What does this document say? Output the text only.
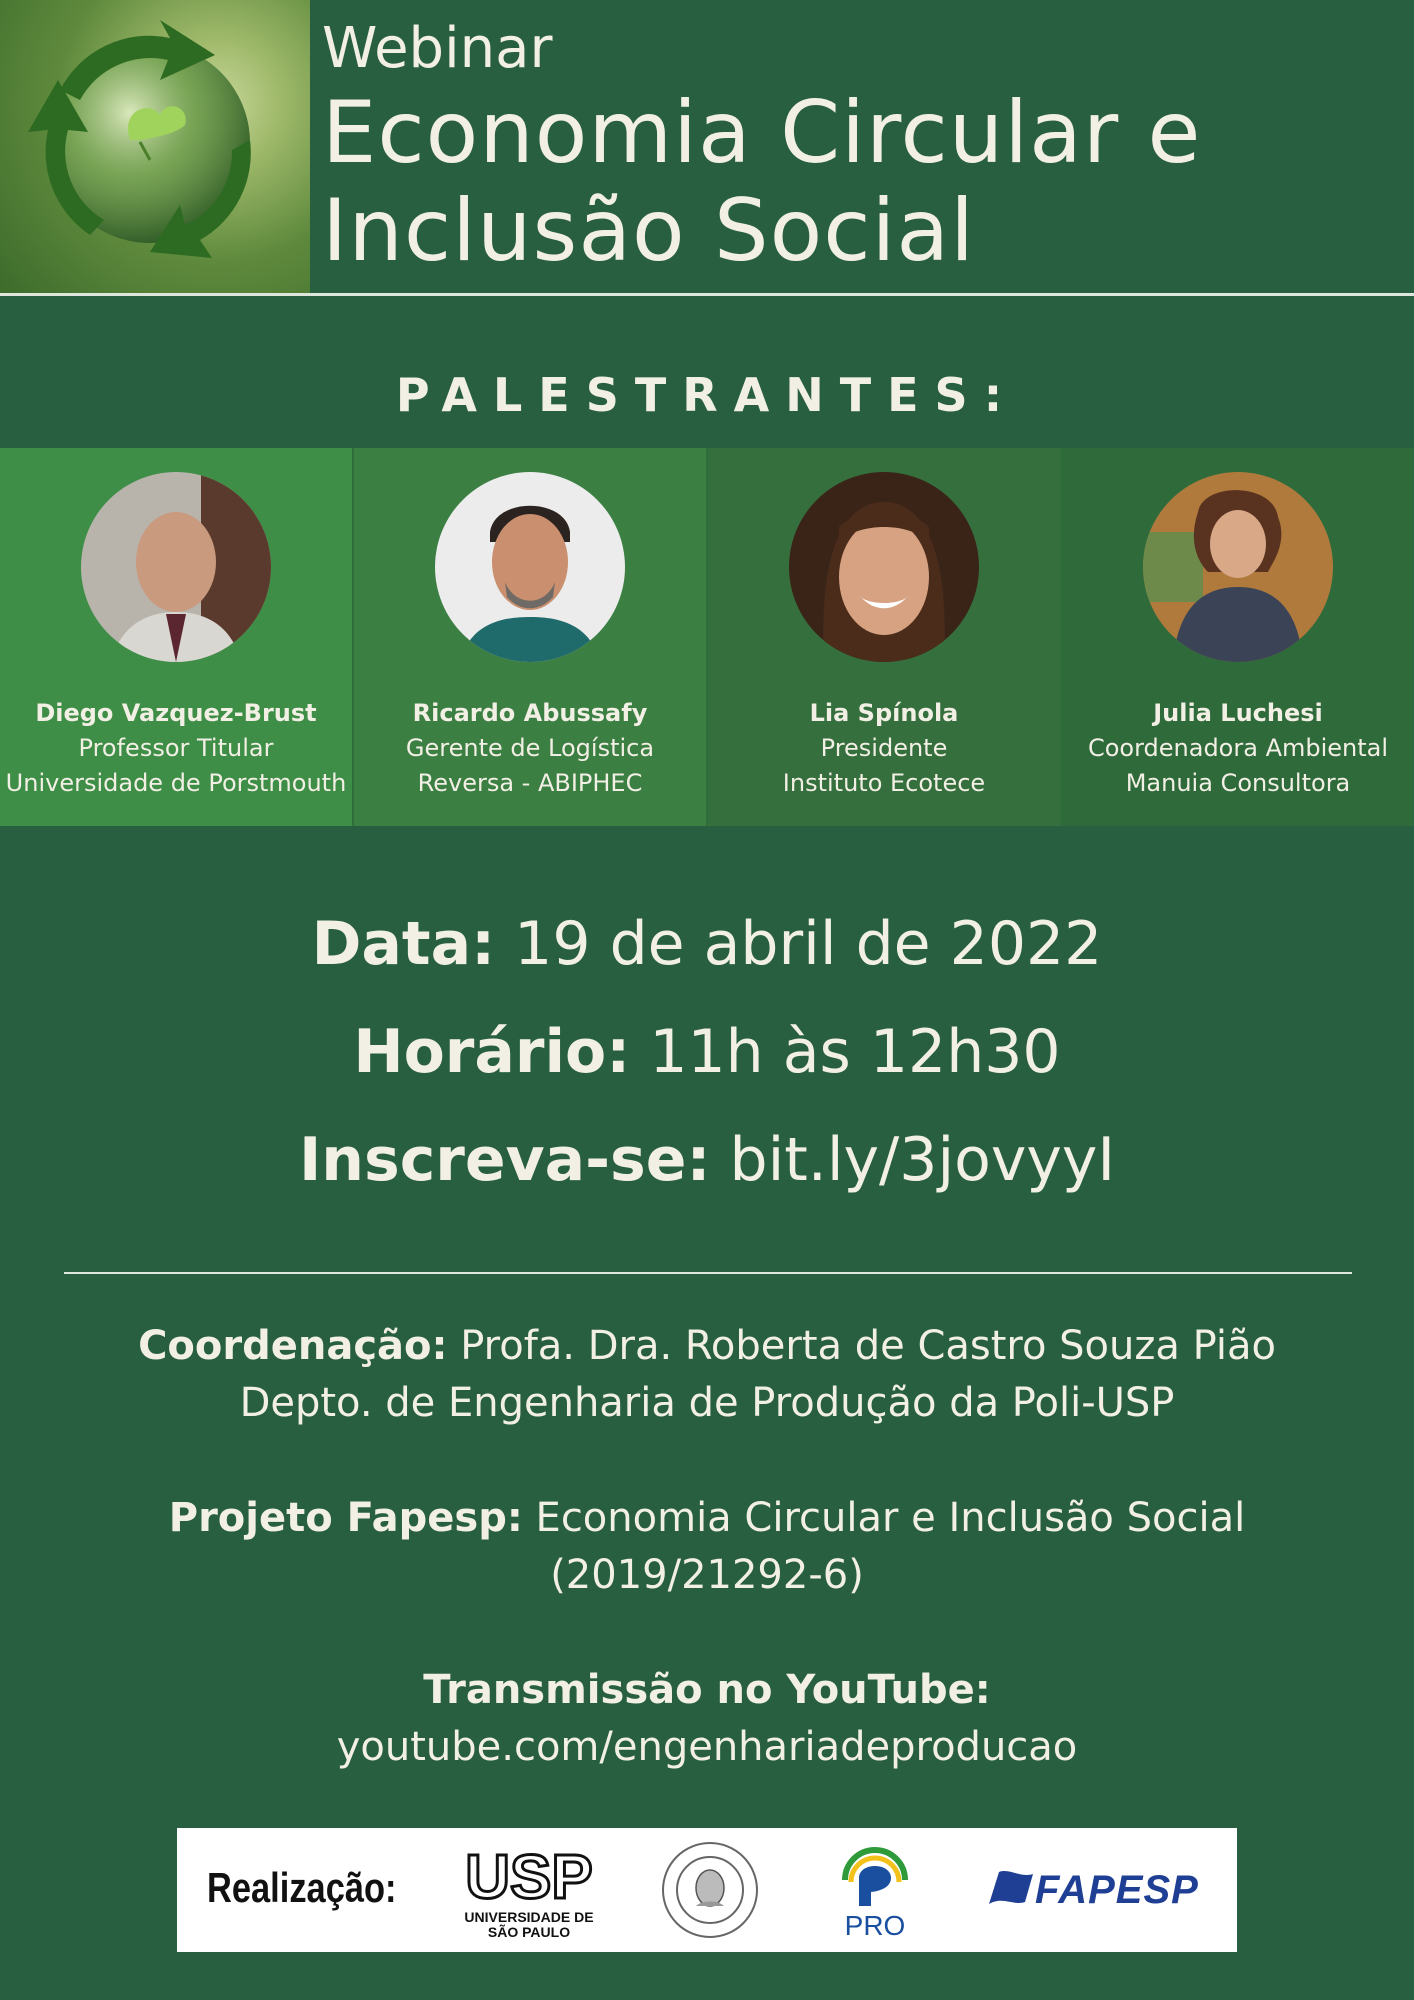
Webinar
Economia Circular e
Inclusão Social
PALESTRANTES:
Diego Vazquez-Brust
Professor Titular
Universidade de Porstmouth
Ricardo Abussafy
Gerente de Logística
Reversa - ABIPHEC
Lia Spínola
Presidente
Instituto Ecotece
Julia Luchesi
Coordenadora Ambiental
Manuia Consultora
Data: 19 de abril de 2022
Horário: 11h às 12h30
Inscreva-se: bit.ly/3jovyyI
Coordenação: Profa. Dra. Roberta de Castro Souza Pião
Depto. de Engenharia de Produção da Poli-USP
Projeto Fapesp: Economia Circular e Inclusão Social
(2019/21292-6)
Transmissão no YouTube:
youtube.com/engenhariadeproducao
Realização: USP
UNIVERSIDADE DE
SÃO PAULO	PRO
FAPESP
